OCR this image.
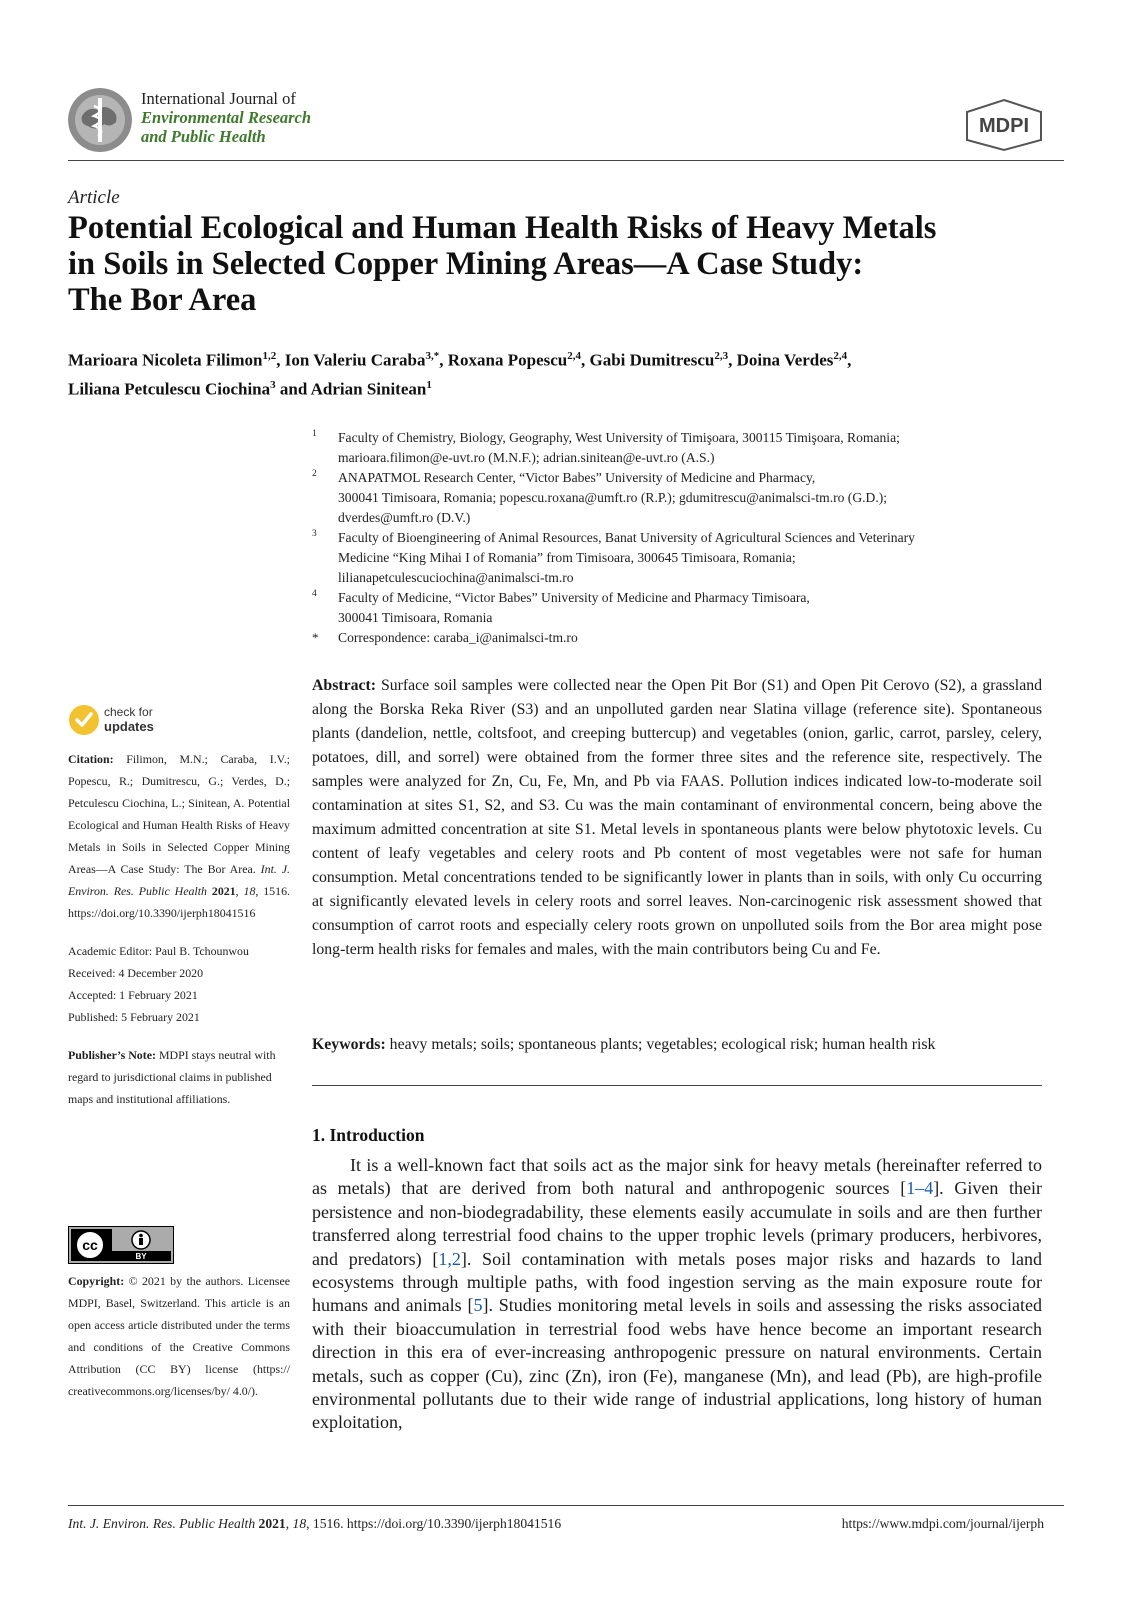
International Journal of
Environmental Research
and Public Health	MDPI
Article
Potential Ecological and Human Health Risks of Heavy Metals
in Soils in Selected Copper Mining Areas—A Case Study:
The Bor Area
Marioara Nicoleta Filimon$^{1,2}$, Ion Valeriu Caraba$^{3,*}$, Roxana Popescu$^{2,4}$, Gabi Dumitrescu$^{2,3}$, Doina Verdes$^{2,4}$,
Liliana Petculescu Ciochina$^3$ and Adrian Sinitean$^1$
1 Faculty of Chemistry, Biology, Geography, West University of Timişoara, 300115 Timişoara, Romania;
marioara.filimon@e-uvt.ro (M.N.F.); adrian.sinitean@e-uvt.ro (A.S.)
2 ANAPATMOL Research Center, “Victor Babes” University of Medicine and Pharmacy,
300041 Timisoara, Romania; popescu.roxana@umft.ro (R.P.); gdumitrescu@animalsci-tm.ro (G.D.);
dverdes@umft.ro (D.V.)
3 Faculty of Bioengineering of Animal Resources, Banat University of Agricultural Sciences and Veterinary
Medicine “King Mihai I of Romania” from Timisoara, 300645 Timisoara, Romania;
lilianapetculescuciochina@animalsci-tm.ro
4 Faculty of Medicine, “Victor Babes” University of Medicine and Pharmacy Timisoara,
300041 Timisoara, Romania
* Correspondence: caraba_i@animalsci-tm.ro
check for
updates
Citation: Filimon, M.N.; Caraba, I.V.; Popescu, R.; Dumitrescu, G.; Verdes, D.; Petculescu Ciochina, L.; Sinitean, A. Potential Ecological and Human Health Risks of Heavy Metals in Soils in Selected Copper Mining Areas—A Case Study: The Bor Area. Int. J. Environ. Res. Public Health 2021, 18, 1516. https://doi.org/10.3390/ijerph18041516

Academic Editor: Paul B. Tchounwou

Received: 4 December 2020

Accepted: 1 February 2021

Published: 5 February 2021

Publisher’s Note: MDPI stays neutral with regard to jurisdictional claims in published maps and institutional affiliations.
cc
BY
Copyright: © 2021 by the authors. Licensee MDPI, Basel, Switzerland. This article is an open access article distributed under the terms and conditions of the Creative Commons Attribution (CC BY) license (https:// creativecommons.org/licenses/by/ 4.0/).

Abstract: Surface soil samples were collected near the Open Pit Bor (S1) and Open Pit Cerovo (S2), a grassland along the Borska Reka River (S3) and an unpolluted garden near Slatina village (reference site). Spontaneous plants (dandelion, nettle, coltsfoot, and creeping buttercup) and vegetables (onion, garlic, carrot, parsley, celery, potatoes, dill, and sorrel) were obtained from the former three sites and the reference site, respectively. The samples were analyzed for Zn, Cu, Fe, Mn, and Pb via FAAS. Pollution indices indicated low-to-moderate soil contamination at sites S1, S2, and S3. Cu was the main contaminant of environmental concern, being above the maximum admitted concentration at site S1. Metal levels in spontaneous plants were below phytotoxic levels. Cu content of leafy vegetables and celery roots and Pb content of most vegetables were not safe for human consumption. Metal concentrations tended to be significantly lower in plants than in soils, with only Cu occurring at significantly elevated levels in celery roots and sorrel leaves. Non-carcinogenic risk assessment showed that consumption of carrot roots and especially celery roots grown on unpolluted soils from the Bor area might pose long-term health risks for females and males, with the main contributors being Cu and Fe.

Keywords: heavy metals; soils; spontaneous plants; vegetables; ecological risk; human health risk

1. Introduction

It is a well-known fact that soils act as the major sink for heavy metals (hereinafter referred to as metals) that are derived from both natural and anthropogenic sources [1–4]. Given their persistence and non-biodegradability, these elements easily accumulate in soils and are then further transferred along terrestrial food chains to the upper trophic levels (primary producers, herbivores, and predators) [1,2]. Soil contamination with metals poses major risks and hazards to land ecosystems through multiple paths, with food ingestion serving as the main exposure route for humans and animals [5]. Studies monitoring metal levels in soils and assessing the risks associated with their bioaccumulation in terrestrial food webs have hence become an important research direction in this era of ever-increasing anthropogenic pressure on natural environments. Certain metals, such as copper (Cu), zinc (Zn), iron (Fe), manganese (Mn), and lead (Pb), are high-profile environmental pollutants due to their wide range of industrial applications, long history of human exploitation,

Int. J. Environ. Res. Public Health 2021, 18, 1516. https://doi.org/10.3390/ijerph18041516	https://www.mdpi.com/journal/ijerph
